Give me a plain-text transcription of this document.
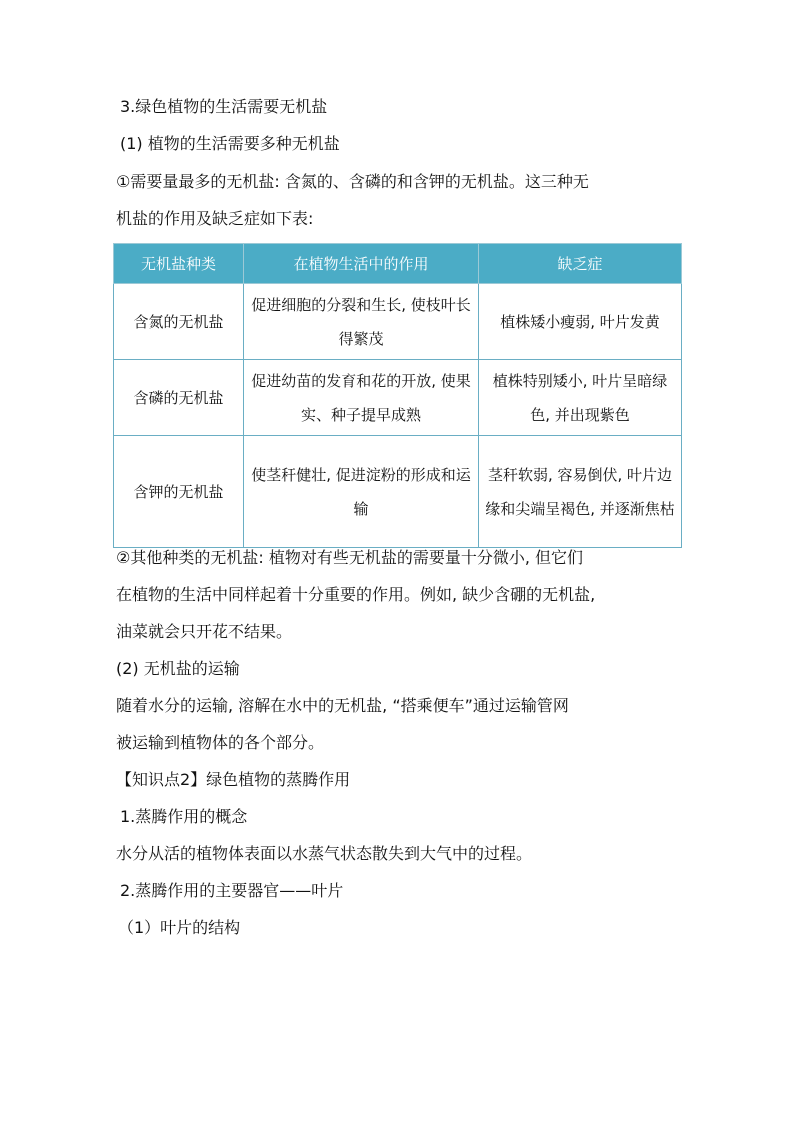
3.绿色植物的生活需要无机盐
(1) 植物的生活需要多种无机盐
①需要量最多的无机盐: 含氮的、含磷的和含钾的无机盐。这三种无
机盐的作用及缺乏症如下表:
无机盐种类	在植物生活中的作用	缺乏症
含氮的无机盐	促进细胞的分裂和生长, 使枝叶长得繁茂	植株矮小瘦弱, 叶片发黄
含磷的无机盐	促进幼苗的发育和花的开放, 使果实、种子提早成熟	植株特别矮小, 叶片呈暗绿色, 并出现紫色
含钾的无机盐	使茎秆健壮, 促进淀粉的形成和运输	茎秆软弱, 容易倒伏, 叶片边缘和尖端呈褐色, 并逐渐焦枯
②其他种类的无机盐: 植物对有些无机盐的需要量十分微小, 但它们
在植物的生活中同样起着十分重要的作用。例如, 缺少含硼的无机盐,
油菜就会只开花不结果。
(2) 无机盐的运输
随着水分的运输, 溶解在水中的无机盐, “搭乘便车”通过运输管网
被运输到植物体的各个部分。
【知识点2】绿色植物的蒸腾作用
1.蒸腾作用的概念
水分从活的植物体表面以水蒸气状态散失到大气中的过程。
2.蒸腾作用的主要器官——叶片
（1）叶片的结构
